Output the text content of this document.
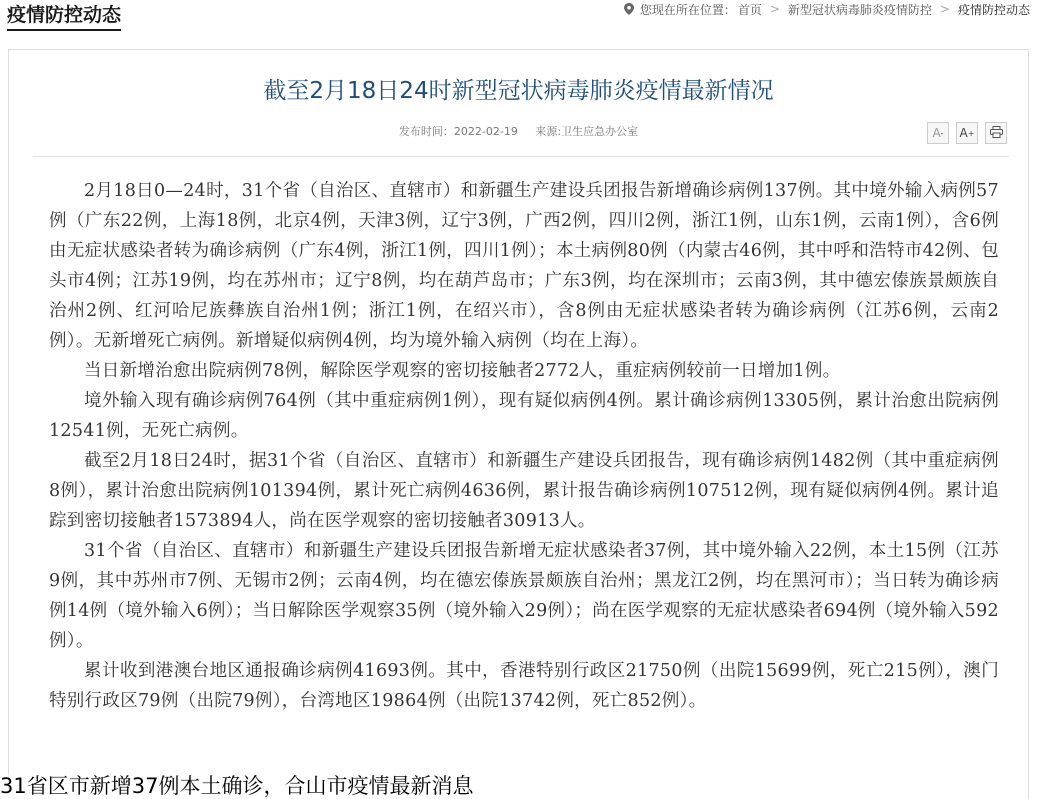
疫情防控动态	您现在所在位置： 首页 > 新型冠状病毒肺炎疫情防控 > 疫情防控动态
截至2月18日24时新型冠状病毒肺炎疫情最新情况
发布时间：2022-02-19 来源:卫生应急办公室	A - A +

2月18日0—24时，31个省（自治区、直辖市）和新疆生产建设兵团报告新增确诊病例137例。其中境外输入病例57例（广东22例，上海18例，北京4例，天津3例，辽宁3例，广西2例，四川2例，浙江1例，山东1例，云南1例），含6例由无症状感染者转为确诊病例（广东4例，浙江1例，四川1例）；本土病例80例（内蒙古46例，其中呼和浩特市42例、包头市4例；江苏19例，均在苏州市；辽宁8例，均在葫芦岛市；广东3例，均在深圳市；云南3例，其中德宏傣族景颇族自治州2例、红河哈尼族彝族自治州1例；浙江1例，在绍兴市），含8例由无症状感染者转为确诊病例（江苏6例，云南2例）。无新增死亡病例。新增疑似病例4例，均为境外输入病例（均在上海）。

当日新增治愈出院病例78例，解除医学观察的密切接触者2772人，重症病例较前一日增加1例。

境外输入现有确诊病例764例（其中重症病例1例），现有疑似病例4例。累计确诊病例13305例，累计治愈出院病例12541例，无死亡病例。

截至2月18日24时，据31个省（自治区、直辖市）和新疆生产建设兵团报告，现有确诊病例1482例（其中重症病例8例），累计治愈出院病例101394例，累计死亡病例4636例，累计报告确诊病例107512例，现有疑似病例4例。累计追踪到密切接触者1573894人，尚在医学观察的密切接触者30913人。

31个省（自治区、直辖市）和新疆生产建设兵团报告新增无症状感染者37例，其中境外输入22例，本土15例（江苏9例，其中苏州市7例、无锡市2例；云南4例，均在德宏傣族景颇族自治州；黑龙江2例，均在黑河市）；当日转为确诊病例14例（境外输入6例）；当日解除医学观察35例（境外输入29例）；尚在医学观察的无症状感染者694例（境外输入592例）。

累计收到港澳台地区通报确诊病例41693例。其中，香港特别行政区21750例（出院15699例，死亡215例），澳门特别行政区79例（出院79例），台湾地区19864例（出院13742例，死亡852例）。

31省区市新增37例本土确诊，合山市疫情最新消息
